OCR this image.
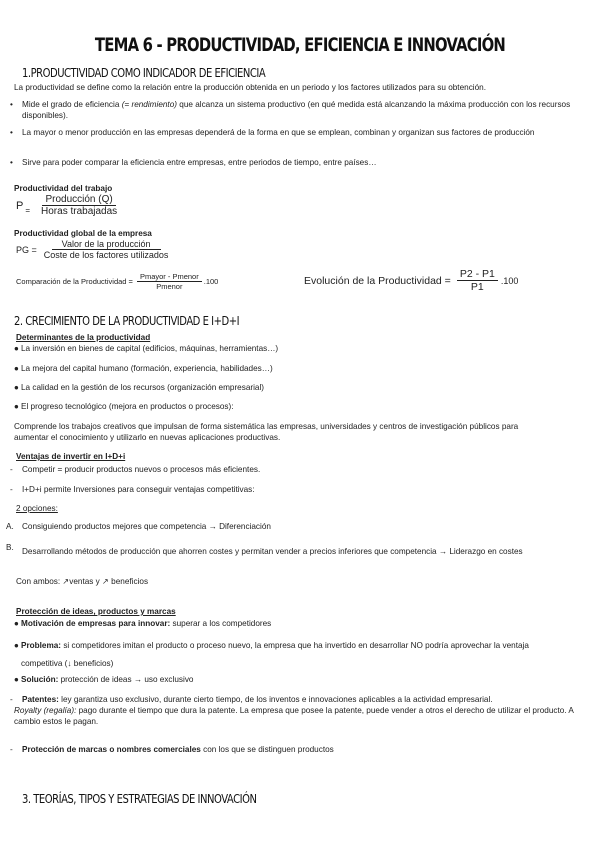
TEMA 6 - PRODUCTIVIDAD, EFICIENCIA E INNOVACIÓN
1.PRODUCTIVIDAD COMO INDICADOR DE EFICIENCIA
La productividad se define como la relación entre la producción obtenida en un periodo y los factores utilizados para su obtención.
• Mide el grado de eficiencia (= rendimiento) que alcanza un sistema productivo (en qué medida está alcanzando la máxima producción con los recursos disponibles).
• La mayor o menor producción en las empresas dependerá de la forma en que se emplean, combinan y organizan sus factores de producción
• Sirve para poder comparar la eficiencia entre empresas, entre periodos de tiempo, entre países…
Productividad del trabajo
$P = \frac{\text{Producción (Q)}}{\text{Horas trabajadas}}$
Productividad global de la empresa
PG = $\frac{\text{Valor de la producción}}{\text{Coste de los factores utilizados}}$
Comparación de la Productividad = $\frac{\text{Pmayor - Pmenor}}{\text{Pmenor}} .100$	Evolución de la Productividad = $\frac{P2 - P1}{P1} .100$
2. CRECIMIENTO DE LA PRODUCTIVIDAD E I+D+I
Determinantes de la productividad
● La inversión en bienes de capital (edificios, máquinas, herramientas…)
● La mejora del capital humano (formación, experiencia, habilidades…)
● La calidad en la gestión de los recursos (organización empresarial)
● El progreso tecnológico (mejora en productos o procesos):
Comprende los trabajos creativos que impulsan de forma sistemática las empresas, universidades y centros de investigación públicos para aumentar el conocimiento y utilizarlo en nuevas aplicaciones productivas.
Ventajas de invertir en I+D+i
- Competir = producir productos nuevos o procesos más eficientes.
- I+D+i permite Inversiones para conseguir ventajas competitivas:
2 opciones:
A. Consiguiendo productos mejores que competencia → Diferenciación
B. Desarrollando métodos de producción que ahorren costes y permitan vender a precios inferiores que competencia → Liderazgo en costes
Con ambos: ↗ventas y ↗ beneficios
Protección de ideas, productos y marcas
● Motivación de empresas para innovar: superar a los competidores
● Problema: si competidores imitan el producto o proceso nuevo, la empresa que ha invertido en desarrollar NO podría aprovechar la ventaja competitiva (↓ beneficios)
● Solución: protección de ideas → uso exclusivo
- Patentes: ley garantiza uso exclusivo, durante cierto tiempo, de los inventos e innovaciones aplicables a la actividad empresarial.
Royalty (regalía): pago durante el tiempo que dura la patente. La empresa que posee la patente, puede vender a otros el derecho de utilizar el producto. A cambio estos le pagan.
- Protección de marcas o nombres comerciales con los que se distinguen productos
3. TEORÍAS, TIPOS Y ESTRATEGIAS DE INNOVACIÓN
